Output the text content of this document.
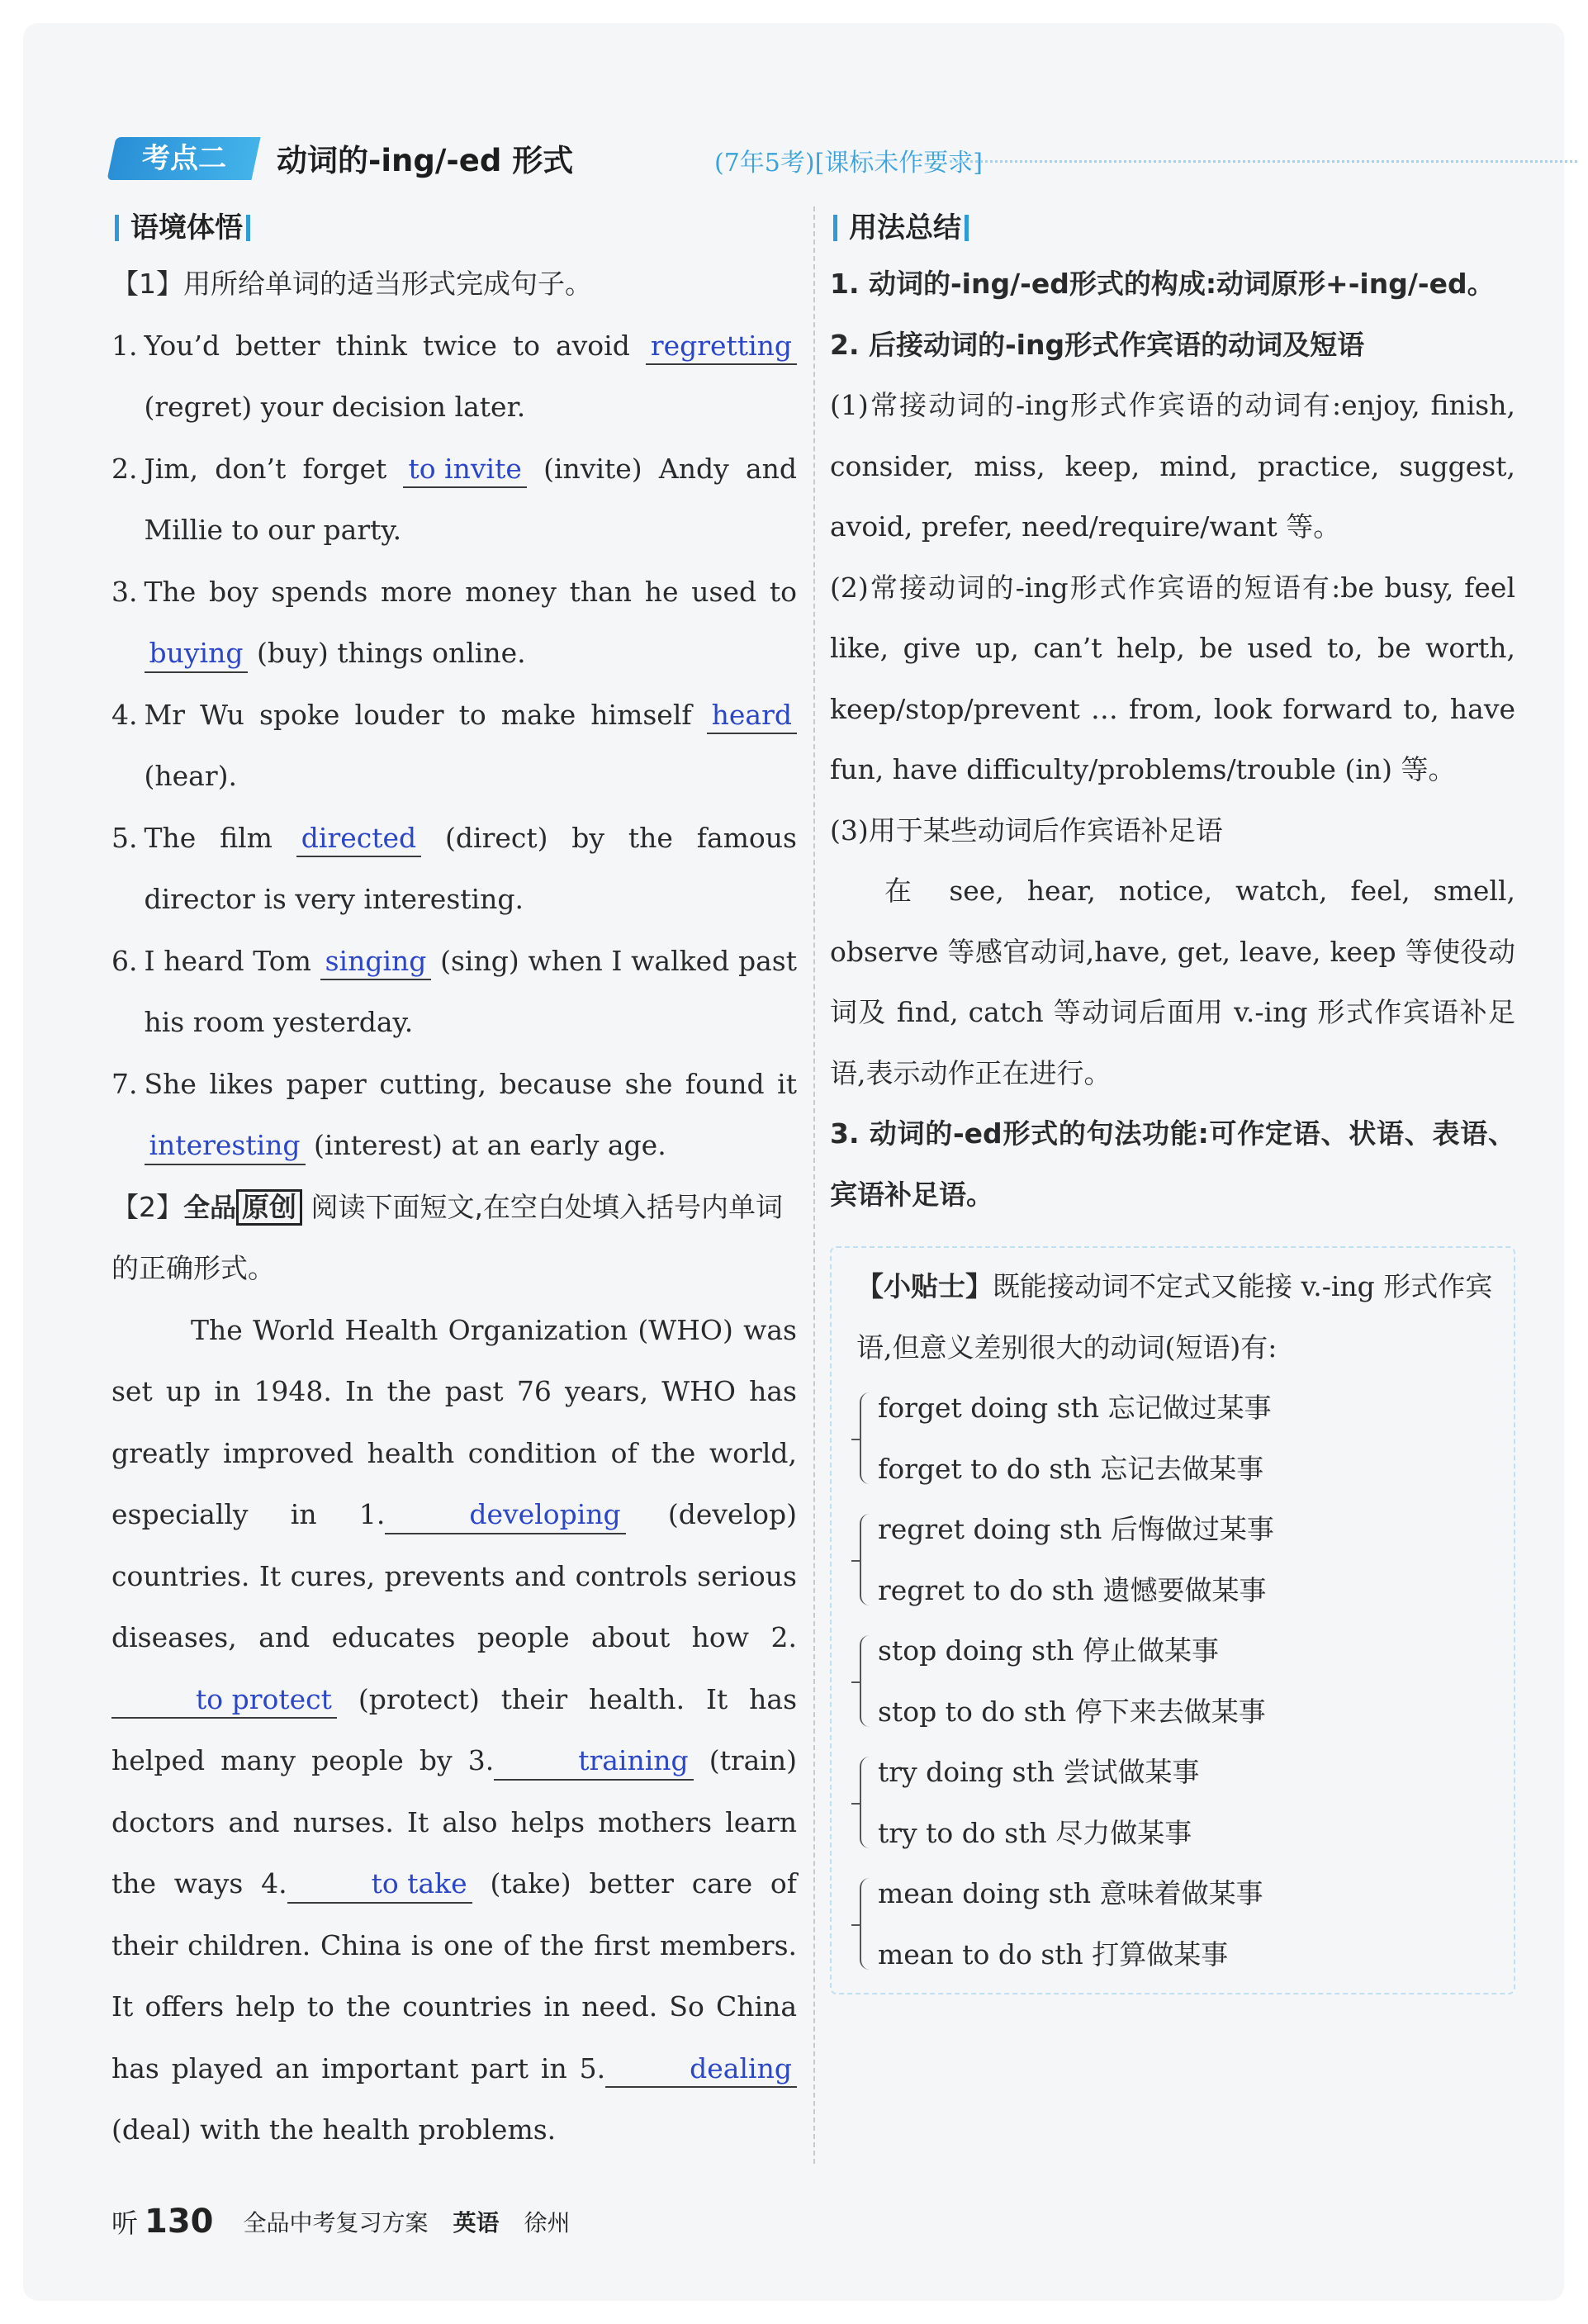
考点二	动词的-ing/-ed 形式	(7年5考)[课标未作要求]
语境体悟
【1】用所给单词的适当形式完成句子。
1. You’d better think twice to avoid regretting (regret) your decision later.
2. Jim, don’t forget to invite (invite) Andy and Millie to our party.
3. The boy spends more money than he used to buying (buy) things online.
4. Mr Wu spoke louder to make himself heard (hear).
5. The film directed (direct) by the famous director is very interesting.
6. I heard Tom singing (sing) when I walked past his room yesterday.
7. She likes paper cutting, because she found it interesting (interest) at an early age.
【2】全品 原创 阅读下面短文,在空白处填入括号内单词的正确形式。
The World Health Organization (WHO) was set up in 1948. In the past 76 years, WHO has greatly improved health condition of the world, especially in 1.	developing (develop) countries. It cures, prevents and controls serious diseases, and educates people about how 2.to protect (protect) their health. It has helped many people by 3.	training (train) doctors and nurses. It also helps mothers learn the ways 4.	to take (take) better care of their children. China is one of the first members. It offers help to the countries in need. So China has played an important part in 5.	dealing (deal) with the health problems.
用法总结
1. 动词的-ing/-ed形式的构成:动词原形+-ing/-ed。
2. 后接动词的-ing形式作宾语的动词及短语
(1)常接动词的-ing形式作宾语的动词有:enjoy, finish, consider, miss, keep, mind, practice, suggest, avoid, prefer, need/require/want 等。
(2)常接动词的-ing形式作宾语的短语有:be busy, feel like, give up, can’t help, be used to, be worth, keep/stop/prevent … from, look forward to, have fun, have difficulty/problems/trouble (in) 等。
(3)用于某些动词后作宾语补足语
在 see, hear, notice, watch, feel, smell, observe 等感官动词,have, get, leave, keep 等使役动词及 find, catch 等动词后面用 v.-ing 形式作宾语补足语,表示动作正在进行。
3. 动词的-ed形式的句法功能:可作定语、状语、表语、宾语补足语。
【小贴士】既能接动词不定式又能接 v.-ing 形式作宾语,但意义差别很大的动词(短语)有:
forget doing sth 忘记做过某事
forget to do sth 忘记去做某事
regret doing sth 后悔做过某事
regret to do sth 遗憾要做某事
stop doing sth 停止做某事
stop to do sth 停下来去做某事
try doing sth 尝试做某事
try to do sth 尽力做某事
mean doing sth 意味着做某事
mean to do sth 打算做某事
听 130 全品中考复习方案 英语 徐州
